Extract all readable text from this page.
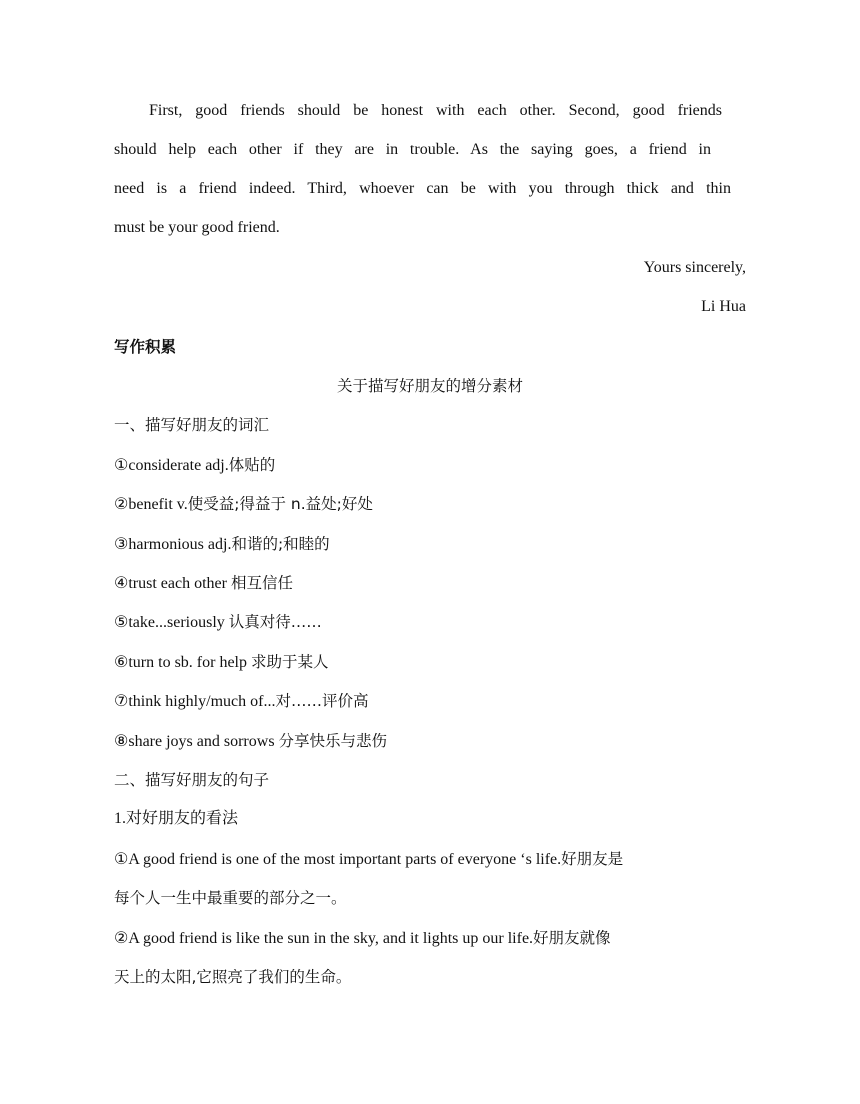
First, good friends should be honest with each other. Second, good friends
should help each other if they are in trouble. As the saying goes, a friend in
need is a friend indeed. Third, whoever can be with you through thick and thin
must be your good friend.
Yours sincerely,
Li Hua
写作积累
关于描写好朋友的增分素材
一、描写好朋友的词汇
①considerate adj.体贴的
②benefit v.使受益;得益于 n.益处;好处
③harmonious adj.和谐的;和睦的
④trust each other 相互信任
⑤take...seriously 认真对待……
⑥turn to sb. for help 求助于某人
⑦think highly/much of...对……评价高
⑧share joys and sorrows 分享快乐与悲伤
二、描写好朋友的句子
1.对好朋友的看法
①A good friend is one of the most important parts of everyone ‘s life.好朋友是
每个人一生中最重要的部分之一。
②A good friend is like the sun in the sky, and it lights up our life.好朋友就像
天上的太阳,它照亮了我们的生命。
